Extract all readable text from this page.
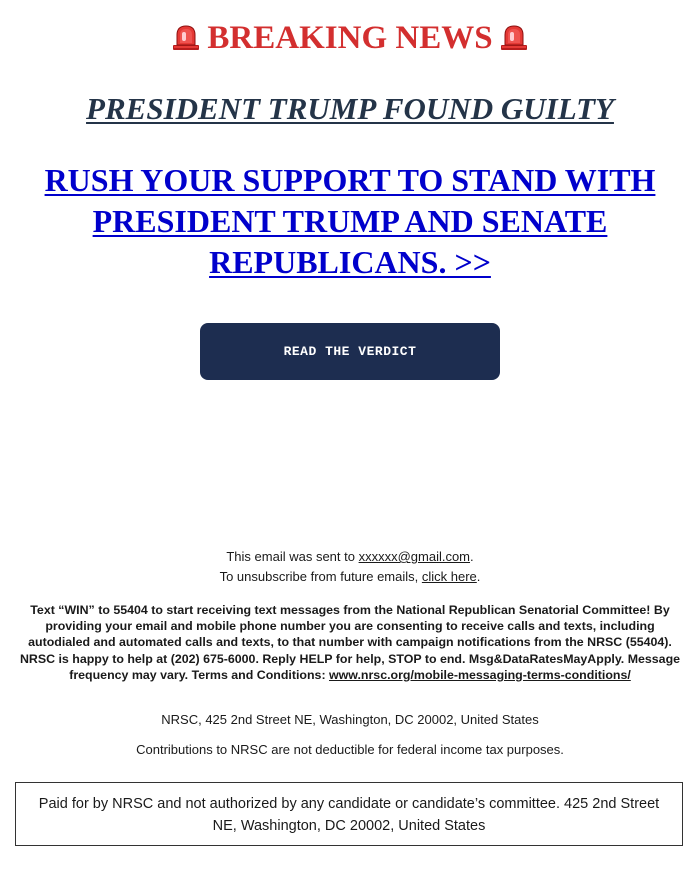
BREAKING NEWS
PRESIDENT TRUMP FOUND GUILTY
RUSH YOUR SUPPORT TO STAND WITH PRESIDENT TRUMP AND SENATE REPUBLICANS. >>
READ THE VERDICT
This email was sent to xxxxxx@gmail.com.
To unsubscribe from future emails, click here.
Text “WIN” to 55404 to start receiving text messages from the National Republican Senatorial Committee! By providing your email and mobile phone number you are consenting to receive calls and texts, including autodialed and automated calls and texts, to that number with campaign notifications from the NRSC (55404). NRSC is happy to help at (202) 675-6000. Reply HELP for help, STOP to end. Msg&DataRatesMayApply. Message frequency may vary. Terms and Conditions: www.nrsc.org/mobile-messaging-terms-conditions/
NRSC, 425 2nd Street NE, Washington, DC 20002, United States
Contributions to NRSC are not deductible for federal income tax purposes.
Paid for by NRSC and not authorized by any candidate or candidate’s committee. 425 2nd Street NE, Washington, DC 20002, United States
